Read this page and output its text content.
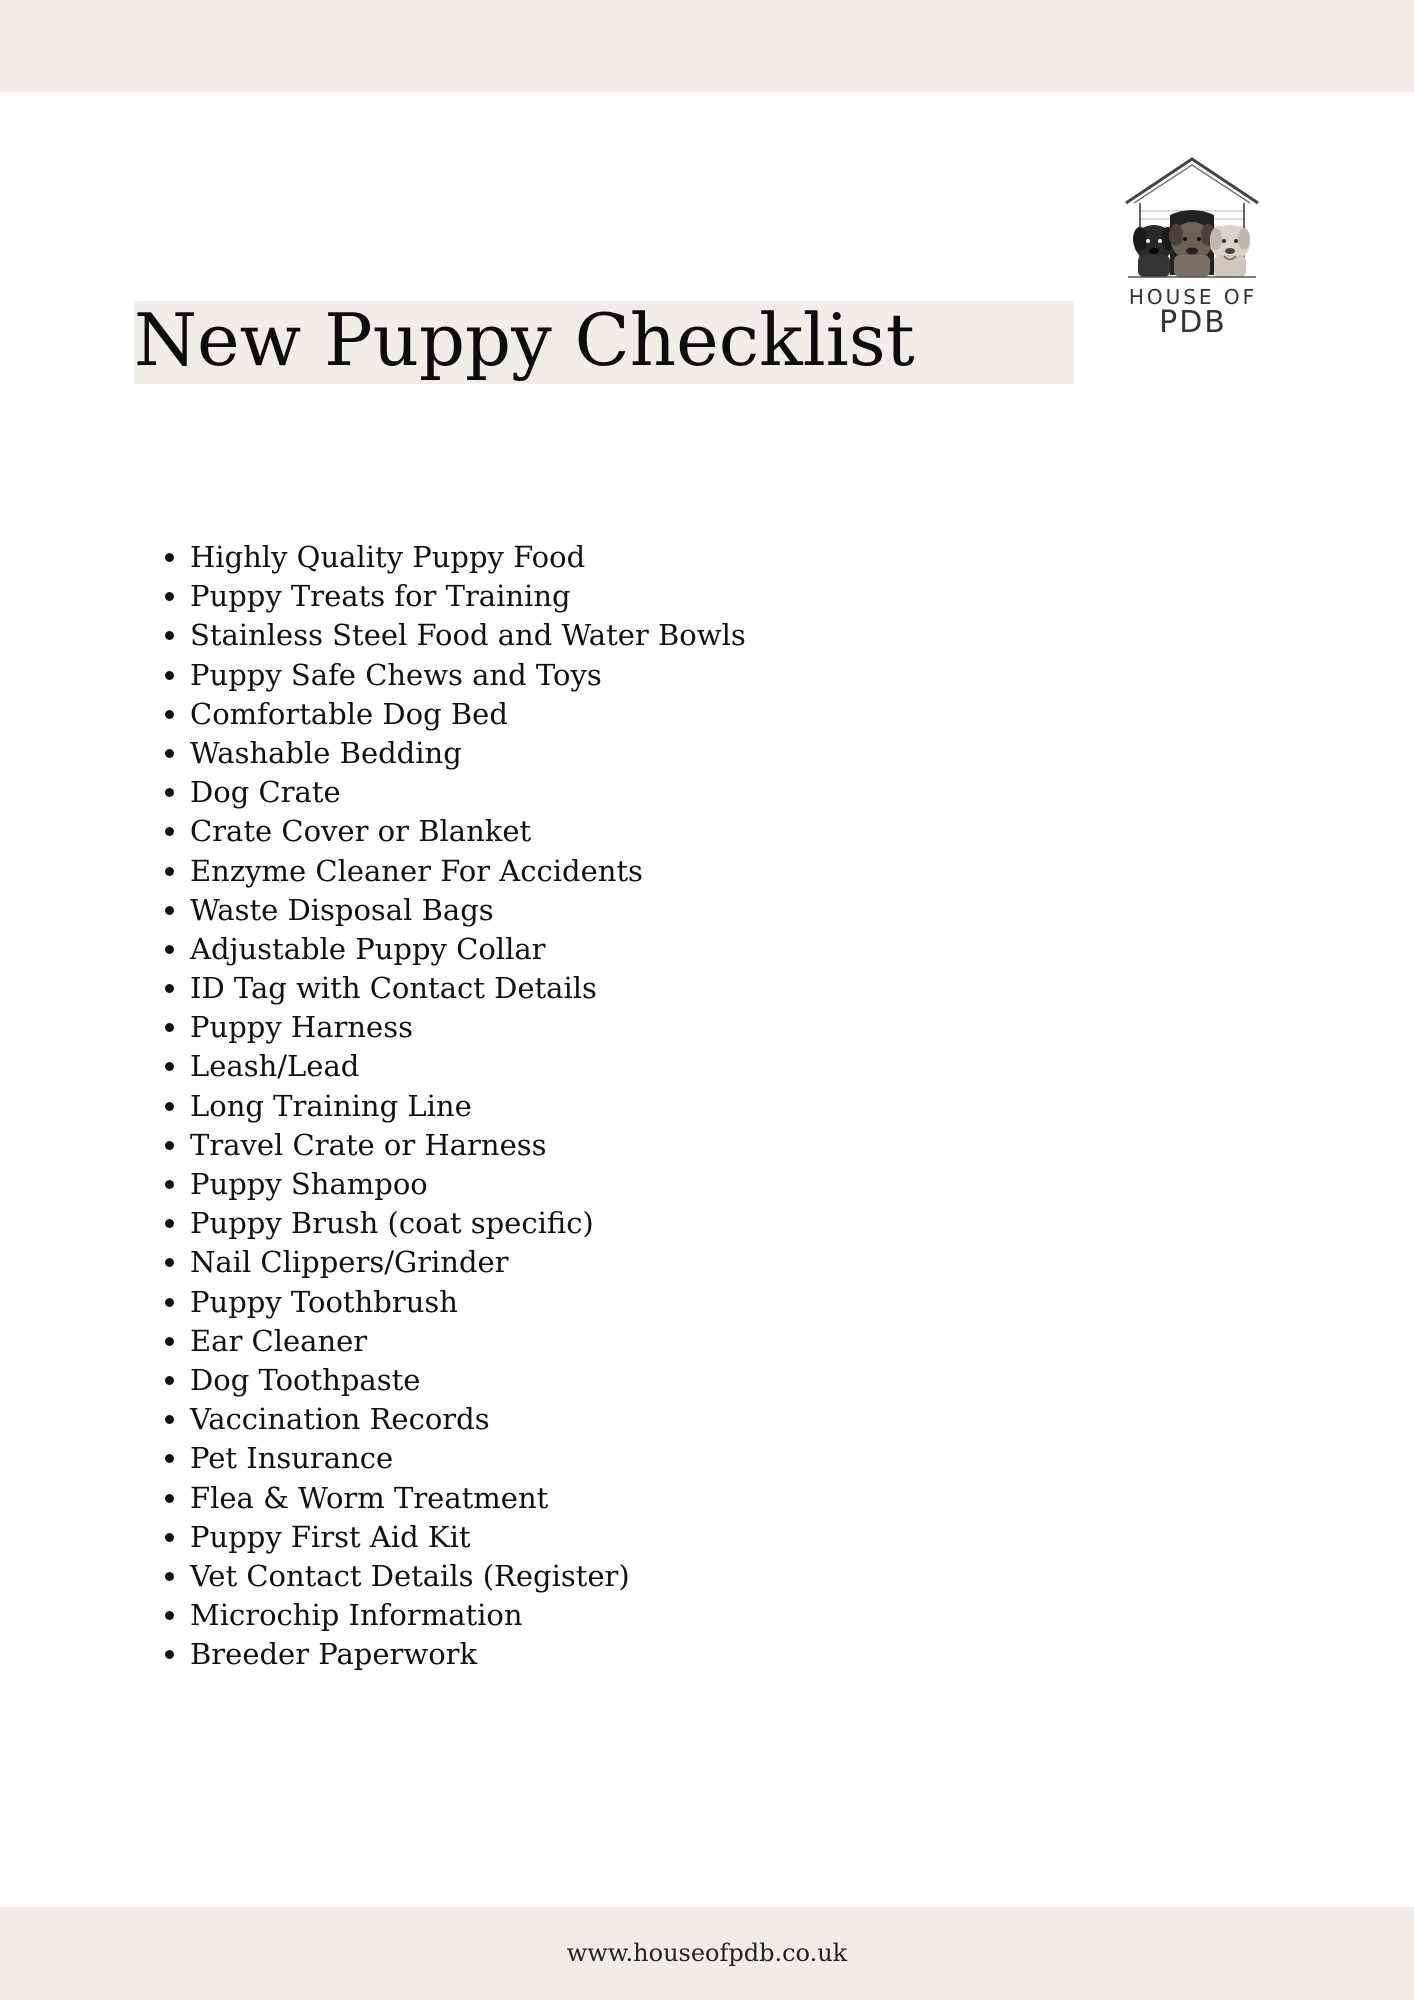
HOUSE OF
PDB
New Puppy Checklist
• Highly Quality Puppy Food
• Puppy Treats for Training
• Stainless Steel Food and Water Bowls
• Puppy Safe Chews and Toys
• Comfortable Dog Bed
• Washable Bedding
• Dog Crate
• Crate Cover or Blanket
• Enzyme Cleaner For Accidents
• Waste Disposal Bags
• Adjustable Puppy Collar
• ID Tag with Contact Details
• Puppy Harness
• Leash/Lead
• Long Training Line
• Travel Crate or Harness
• Puppy Shampoo
• Puppy Brush (coat specific)
• Nail Clippers/Grinder
• Puppy Toothbrush
• Ear Cleaner
• Dog Toothpaste
• Vaccination Records
• Pet Insurance
• Flea & Worm Treatment
• Puppy First Aid Kit
• Vet Contact Details (Register)
• Microchip Information
• Breeder Paperwork
www.houseofpdb.co.uk
